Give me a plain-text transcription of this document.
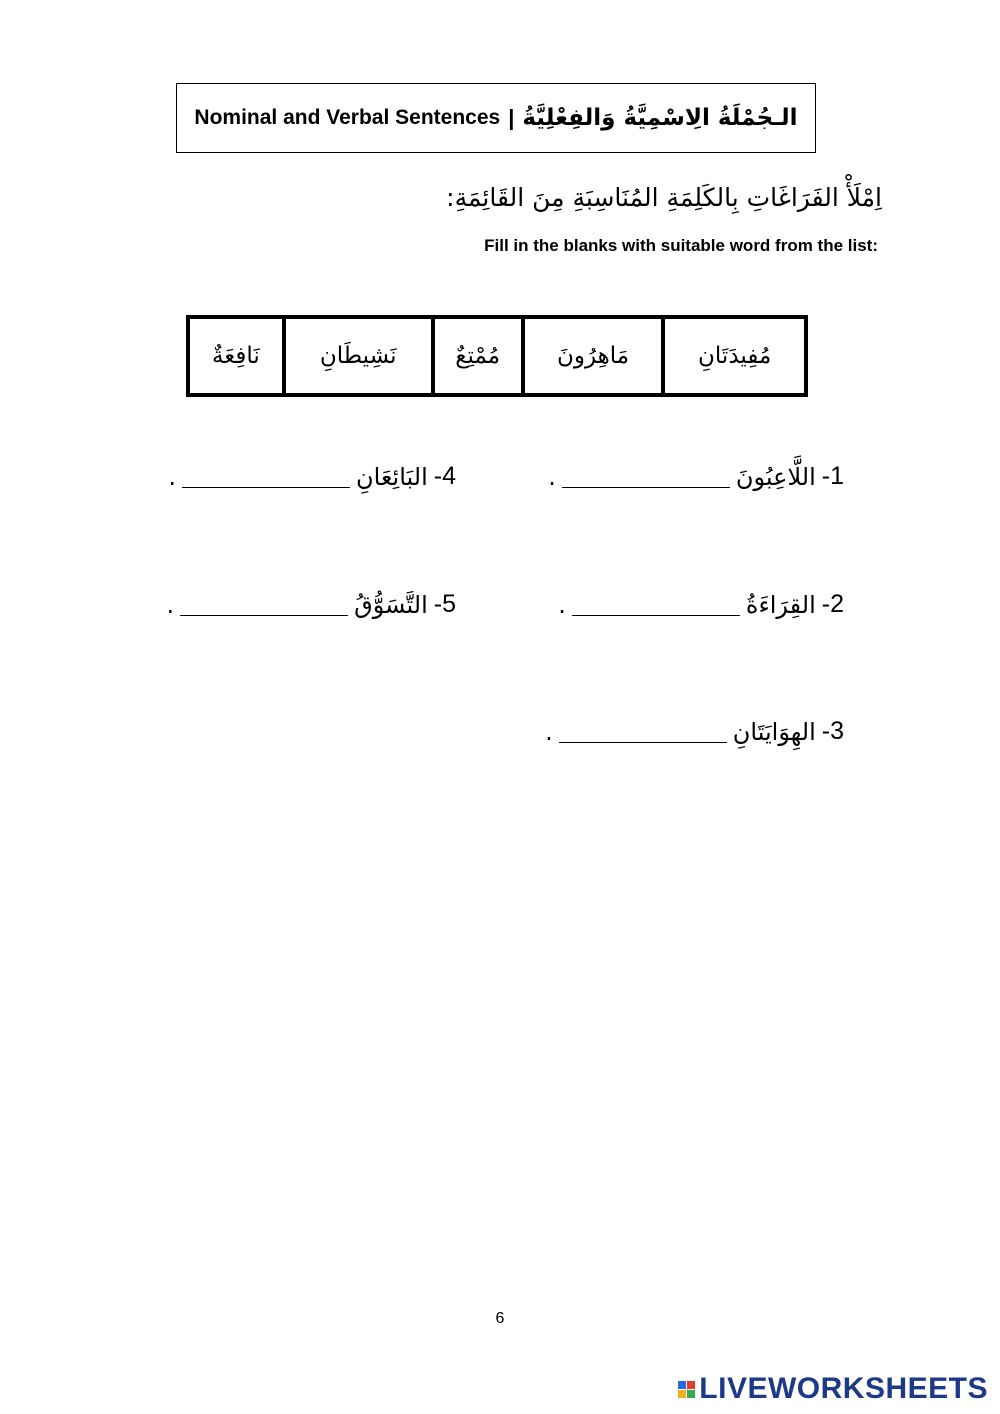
Nominal and Verbal Sentences | الـجُمْلَةُ الِاسْمِيَّةُ وَالفِعْلِيَّةُ
اِمْلَأْ الفَرَاغَاتِ بِالكَلِمَةِ المُنَاسِبَةِ مِنَ القَائِمَةِ:
Fill in the blanks with suitable word from the list:
مُفِيدَتَانِ	مَاهِرُونَ	مُمْتِعٌ	نَشِيطَانِ	نَافِعَةٌ
1-
اللَّاعِبُونَ
.
2-
القِرَاءَةُ
.
3-
الهِوَايَتَانِ
.
4-
البَائِعَانِ
.
5-
التَّسَوُّقُ
.
6
LIVEWORKSHEETS
